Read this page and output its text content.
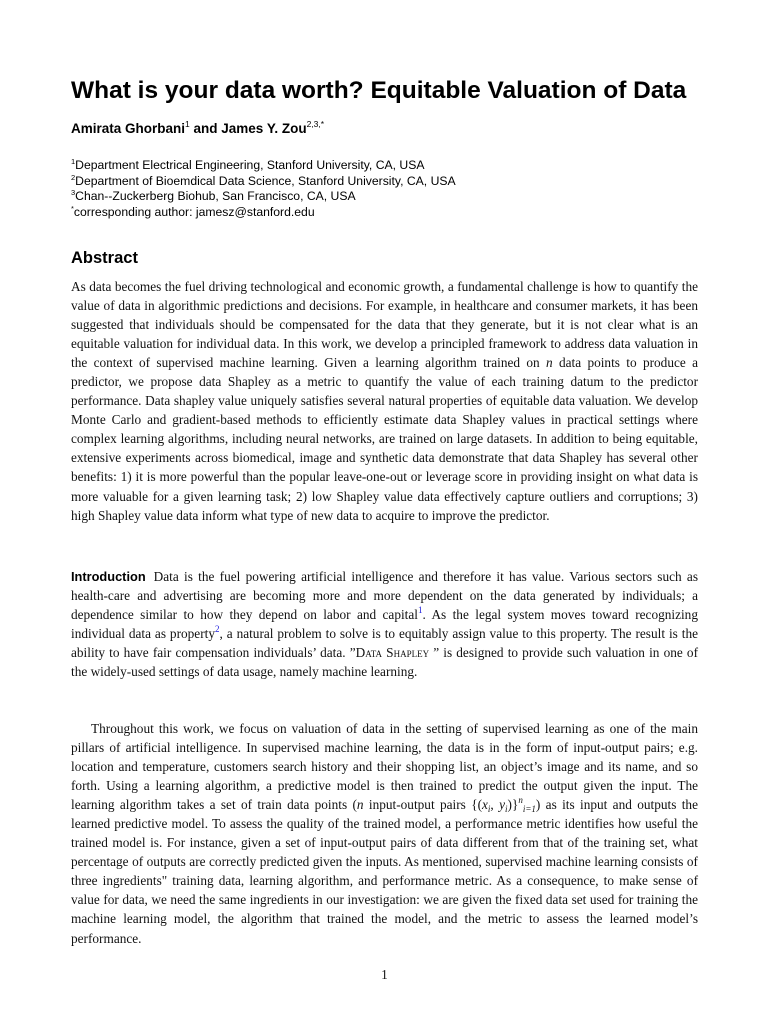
What is your data worth? Equitable Valuation of Data

Amirata Ghorbani$^1$ and James Y. Zou$^{2,3,*}$

$^1$Department Electrical Engineering, Stanford University, CA, USA
$^2$Department of Bioemdical Data Science, Stanford University, CA, USA
$^3$Chan--Zuckerberg Biohub, San Francisco, CA, USA
*corresponding author: jamesz@stanford.edu
Abstract

As data becomes the fuel driving technological and economic growth, a fundamental challenge is how to quantify the value of data in algorithmic predictions and decisions. For example, in healthcare and consumer markets, it has been suggested that individuals should be compensated for the data that they generate, but it is not clear what is an equitable valuation for individual data. In this work, we develop a principled framework to address data valuation in the context of supervised machine learning. Given a learning algorithm trained on n data points to produce a predictor, we propose data Shapley as a metric to quantify the value of each training datum to the predictor performance. Data shapley value uniquely satisfies several natural properties of equitable data valuation. We develop Monte Carlo and gradient-based methods to efficiently estimate data Shapley values in practical settings where complex learning algorithms, including neural networks, are trained on large datasets. In addition to being equitable, extensive experiments across biomedical, image and synthetic data demonstrate that data Shapley has several other benefits: 1) it is more powerful than the popular leave-one-out or leverage score in providing insight on what data is more valuable for a given learning task; 2) low Shapley value data effectively capture outliers and corruptions; 3) high Shapley value data inform what type of new data to acquire to improve the predictor.

Introduction Data is the fuel powering artificial intelligence and therefore it has value. Various sectors such as health-care and advertising are becoming more and more dependent on the data generated by individuals; a dependence similar to how they depend on labor and capital$^1$. As the legal system moves toward recognizing individual data as property$^2$, a natural problem to solve is to equitably assign value to this property. The result is the ability to have fair compensation individuals’ data. ”Data Shapley ” is designed to provide such valuation in one of the widely-used settings of data usage, namely machine learning.

Throughout this work, we focus on valuation of data in the setting of supervised learning as one of the main pillars of artificial intelligence. In supervised machine learning, the data is in the form of input-output pairs; e.g. location and temperature, customers search history and their shopping list, an object’s image and its name, and so forth. Using a learning algorithm, a predictive model is then trained to predict the output given the input. The learning algorithm takes a set of train data points (n input-output pairs {($x_i$, $y_i)\}^n_{i=1}$) as its input and outputs the learned predictive model. To assess the quality of the trained model, a performance metric identifies how useful the trained model is. For instance, given a set of input-output pairs of data different from that of the training set, what percentage of outputs are correctly predicted given the inputs. As mentioned, supervised machine learning consists of three ingredients" training data, learning algorithm, and performance metric. As a consequence, to make sense of value for data, we need the same ingredients in our investigation: we are given the fixed data set used for training the machine learning model, the algorithm that trained the model, and the metric to assess the learned model’s performance.

1
